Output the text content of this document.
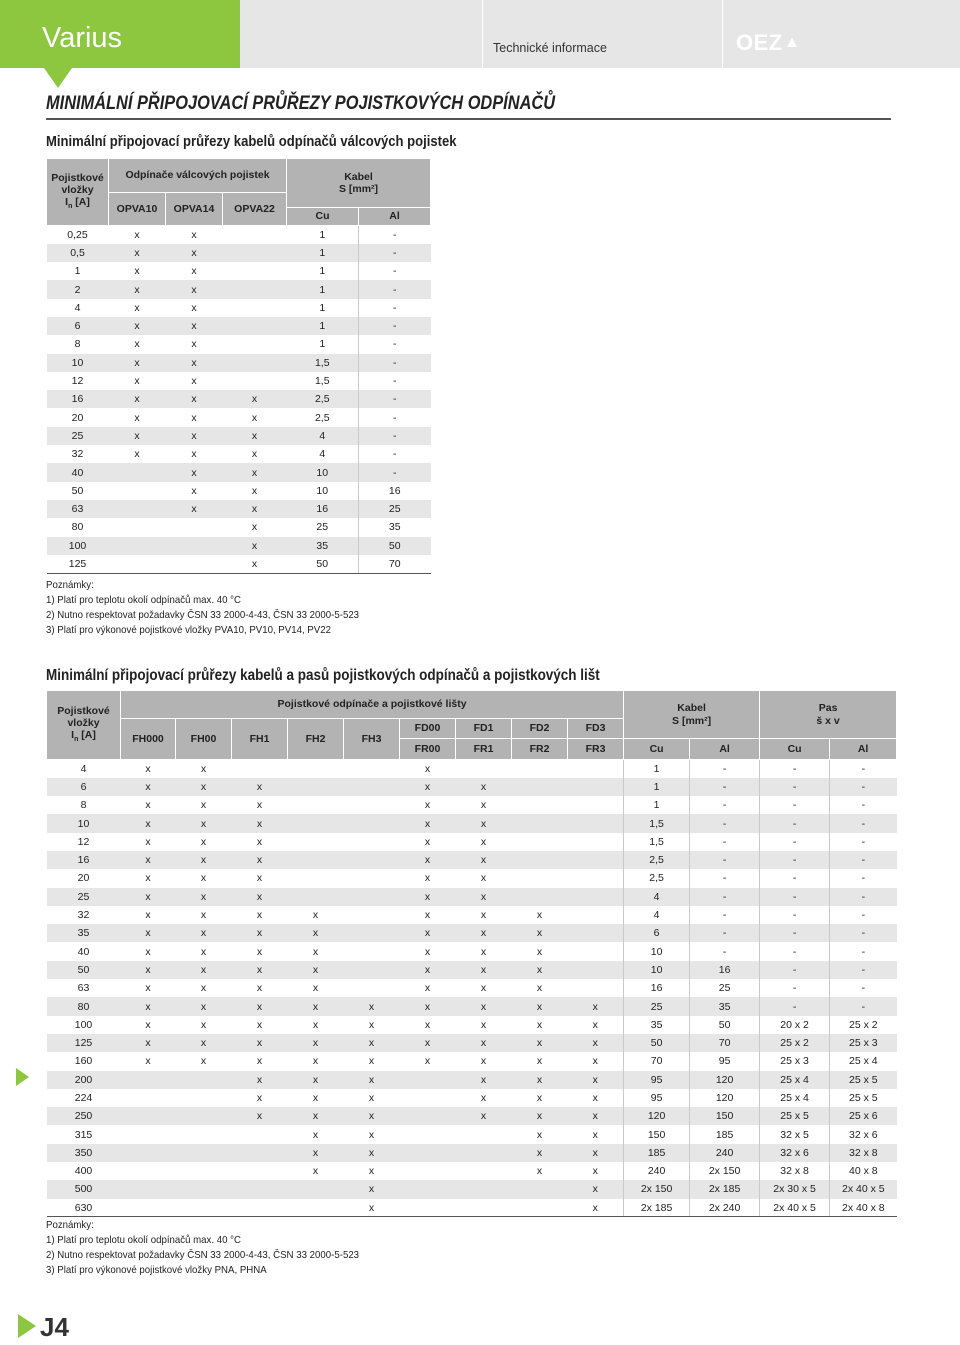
Varius	Technické informace	OEZ
MINIMÁLNÍ PŘIPOJOVACÍ PRŮŘEZY POJISTKOVÝCH ODPÍNAČŮ
Minimální připojovací průřezy kabelů odpínačů válcových pojistek
Pojistkové
vložky
$I_n$ [A]	Odpínače válcových pojistek			Kabel
S [mm²]	
	OPVA10	OPVA14	OPVA22		
				Cu	Al
0,25	x	x		1	-
0,5	x	x		1	-
1	x	x		1	-
2	x	x		1	-
4	x	x		1	-
6	x	x		1	-
8	x	x		1	-
10	x	x		1,5	-
12	x	x		1,5	-
16	x	x	x	2,5	-
20	x	x	x	2,5	-
25	x	x	x	4	-
32	x	x	x	4	-
40		x	x	10	-
50		x	x	10	16
63		x	x	16	25
80			x	25	35
100			x	35	50
125			x	50	70
Poznámky:
1) Platí pro teplotu okolí odpínačů max. 40 °C
2) Nutno respektovat požadavky ČSN 33 2000-4-43, ČSN 33 2000-5-523
3) Platí pro výkonové pojistkové vložky PVA10, PV10, PV14, PV22
Minimální připojovací průřezy kabelů a pasů pojistkových odpínačů a pojistkových lišt
Pojistkové
vložky
$I_n$ [A]	Pojistkové odpínače a pojistkové lišty									Kabel
S [mm²]		Pas
š x v	
	FH000	FH00	FH1	FH2	FH3	FD00	FD1	FD2	FD3				
						FR00	FR1	FR2	FR3	Cu	Al	Cu	Al
4	x	x				x				1	-	-	-
6	x	x	x			x	x			1	-	-	-
8	x	x	x			x	x			1	-	-	-
10	x	x	x			x	x			1,5	-	-	-
12	x	x	x			x	x			1,5	-	-	-
16	x	x	x			x	x			2,5	-	-	-
20	x	x	x			x	x			2,5	-	-	-
25	x	x	x			x	x			4	-	-	-
32	x	x	x	x		x	x	x		4	-	-	-
35	x	x	x	x		x	x	x		6	-	-	-
40	x	x	x	x		x	x	x		10	-	-	-
50	x	x	x	x		x	x	x		10	16	-	-
63	x	x	x	x		x	x	x		16	25	-	-
80	x	x	x	x	x	x	x	x	x	25	35	-	-
100	x	x	x	x	x	x	x	x	x	35	50	20 x 2	25 x 2
125	x	x	x	x	x	x	x	x	x	50	70	25 x 2	25 x 3
160	x	x	x	x	x	x	x	x	x	70	95	25 x 3	25 x 4
200			x	x	x		x	x	x	95	120	25 x 4	25 x 5
224			x	x	x		x	x	x	95	120	25 x 4	25 x 5
250			x	x	x		x	x	x	120	150	25 x 5	25 x 6
315				x	x			x	x	150	185	32 x 5	32 x 6
350				x	x			x	x	185	240	32 x 6	32 x 8
400				x	x			x	x	240	2x 150	32 x 8	40 x 8
500					x				x	2x 150	2x 185	2x 30 x 5	2x 40 x 5
630					x				x	2x 185	2x 240	2x 40 x 5	2x 40 x 8
Poznámky:
1) Platí pro teplotu okolí odpínačů max. 40 °C
2) Nutno respektovat požadavky ČSN 33 2000-4-43, ČSN 33 2000-5-523
3) Platí pro výkonové pojistkové vložky PNA, PHNA
J4
